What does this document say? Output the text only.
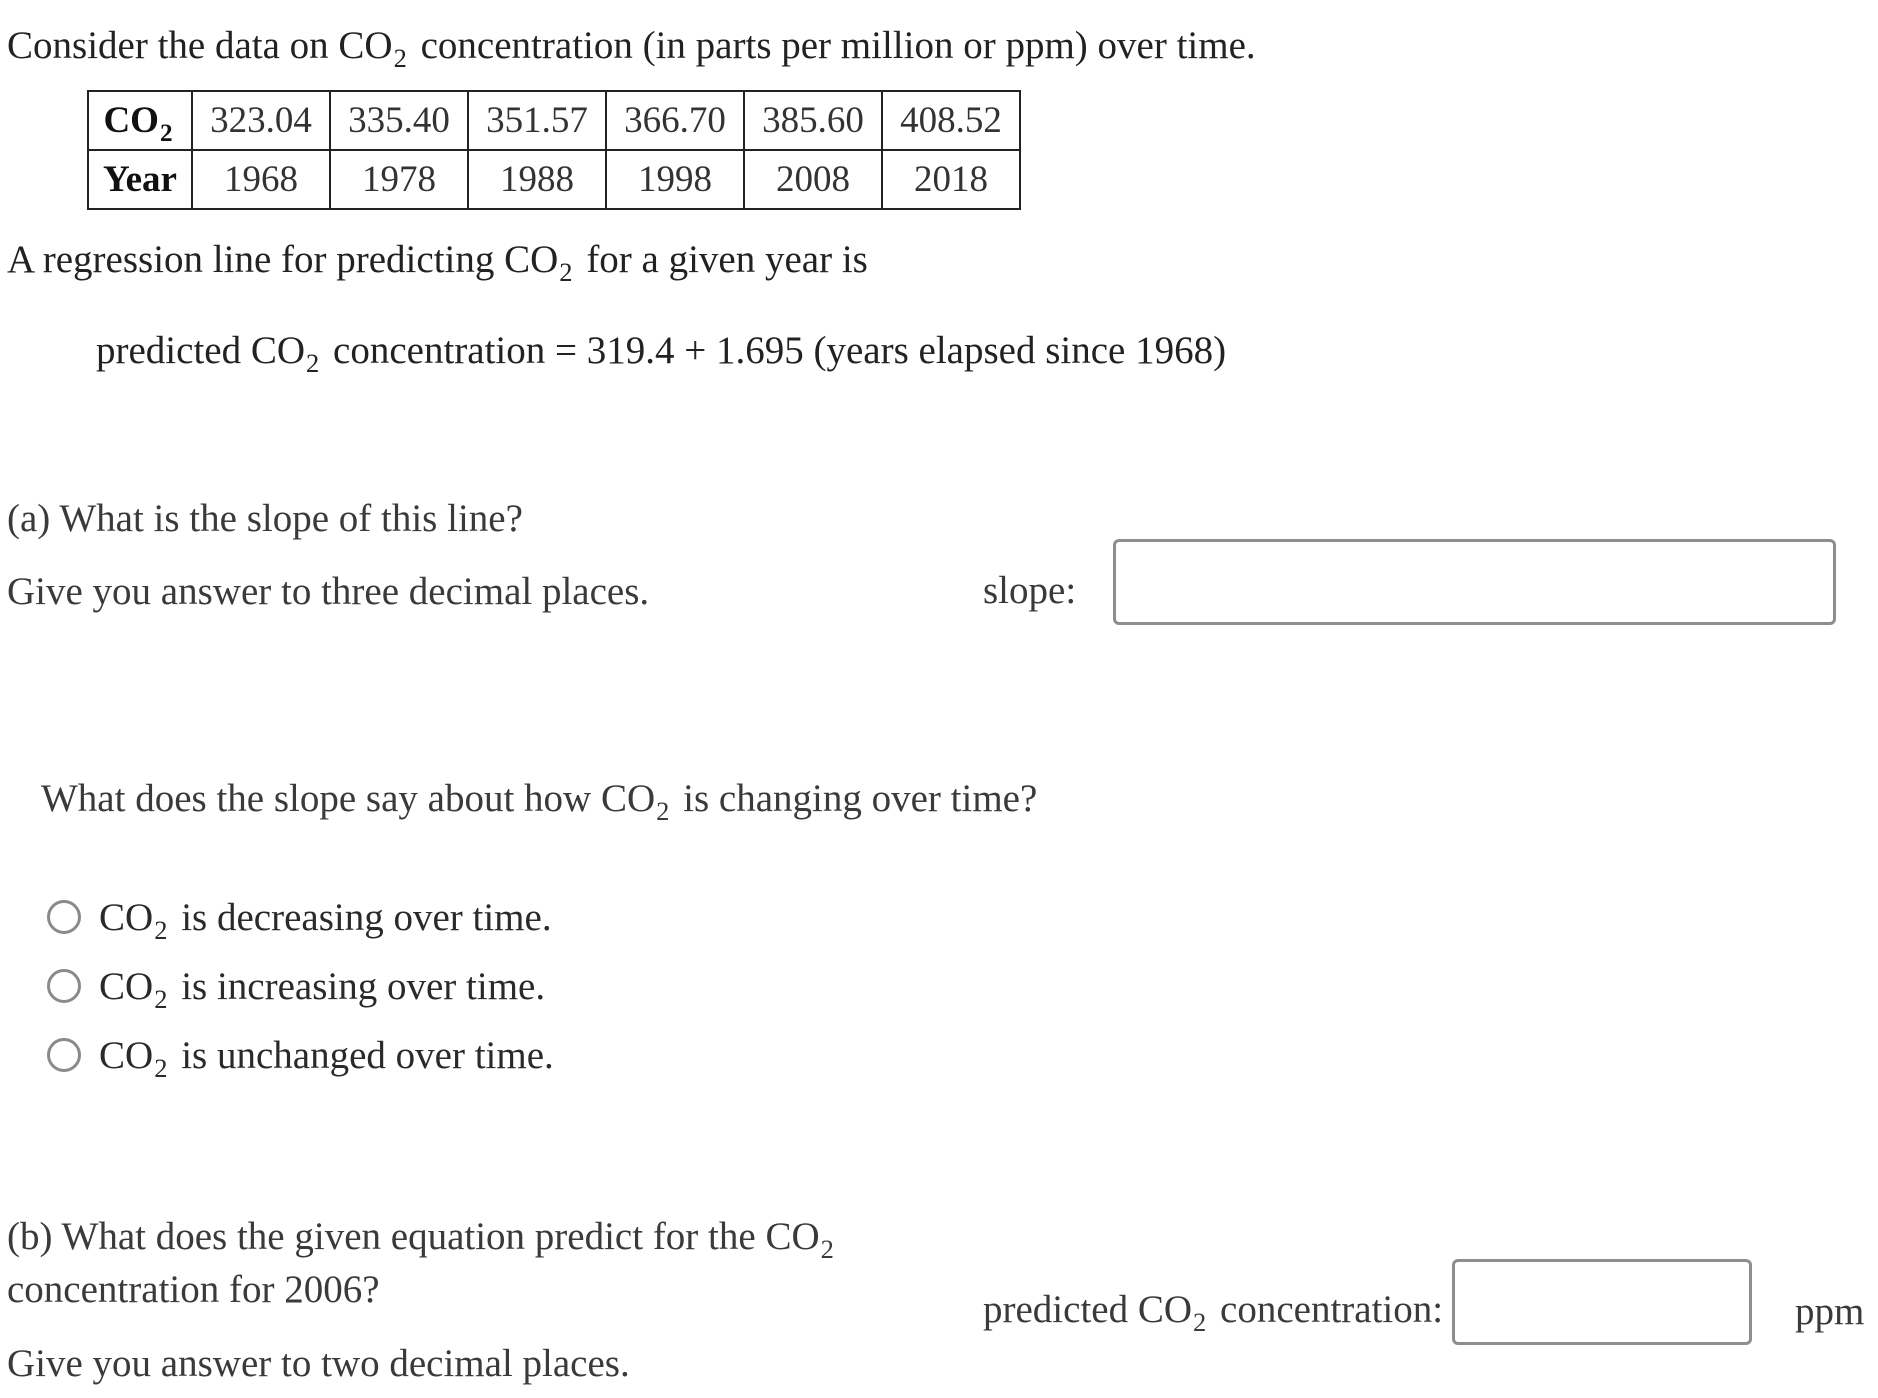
Consider the data on $CO_2$ concentration (in parts per million or ppm) over time.
$CO_2$	323.04	335.40	351.57	366.70	385.60	408.52
Year	1968	1978	1988	1998	2008	2018
A regression line for predicting $CO_2$ for a given year is
predicted $CO_2$ concentration = 319.4 + 1.695 (years elapsed since 1968)
(a) What is the slope of this line?
Give you answer to three decimal places.	slope:
What does the slope say about how $CO_2$ is changing over time?
$CO_2$ is decreasing over time.
$CO_2$ is increasing over time.
$CO_2$ is unchanged over time.
(b) What does the given equation predict for the $CO_2$
concentration for 2006?
Give you answer to two decimal places.
predicted $CO_2$ concentration:	ppm
